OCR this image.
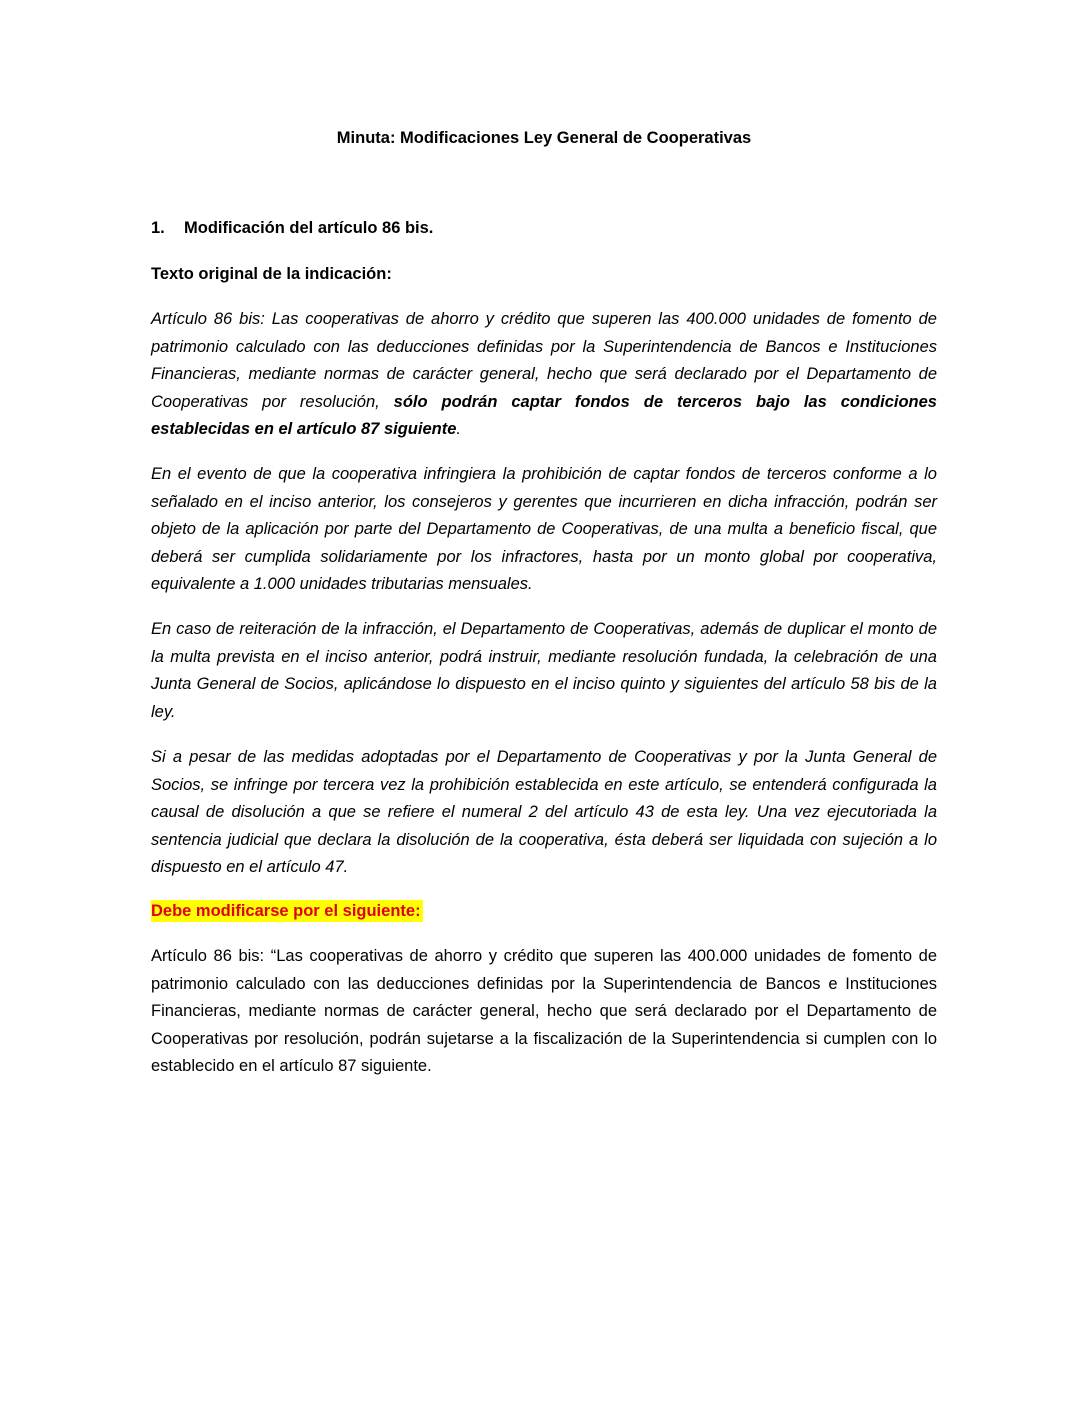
Minuta: Modificaciones Ley General de Cooperativas
1. Modificación del artículo 86 bis.
Texto original de la indicación:

Artículo 86 bis: Las cooperativas de ahorro y crédito que superen las 400.000 unidades de fomento de patrimonio calculado con las deducciones definidas por la Superintendencia de Bancos e Instituciones Financieras, mediante normas de carácter general, hecho que será declarado por el Departamento de Cooperativas por resolución, sólo podrán captar fondos de terceros bajo las condiciones establecidas en el artículo 87 siguiente.

En el evento de que la cooperativa infringiera la prohibición de captar fondos de terceros conforme a lo señalado en el inciso anterior, los consejeros y gerentes que incurrieren en dicha infracción, podrán ser objeto de la aplicación por parte del Departamento de Cooperativas, de una multa a beneficio fiscal, que deberá ser cumplida solidariamente por los infractores, hasta por un monto global por cooperativa, equivalente a 1.000 unidades tributarias mensuales.

En caso de reiteración de la infracción, el Departamento de Cooperativas, además de duplicar el monto de la multa prevista en el inciso anterior, podrá instruir, mediante resolución fundada, la celebración de una Junta General de Socios, aplicándose lo dispuesto en el inciso quinto y siguientes del artículo 58 bis de la ley.

Si a pesar de las medidas adoptadas por el Departamento de Cooperativas y por la Junta General de Socios, se infringe por tercera vez la prohibición establecida en este artículo, se entenderá configurada la causal de disolución a que se refiere el numeral 2 del artículo 43 de esta ley. Una vez ejecutoriada la sentencia judicial que declara la disolución de la cooperativa, ésta deberá ser liquidada con sujeción a lo dispuesto en el artículo 47.

Debe modificarse por el siguiente:

Artículo 86 bis: “Las cooperativas de ahorro y crédito que superen las 400.000 unidades de fomento de patrimonio calculado con las deducciones definidas por la Superintendencia de Bancos e Instituciones Financieras, mediante normas de carácter general, hecho que será declarado por el Departamento de Cooperativas por resolución, podrán sujetarse a la fiscalización de la Superintendencia si cumplen con lo establecido en el artículo 87 siguiente.
